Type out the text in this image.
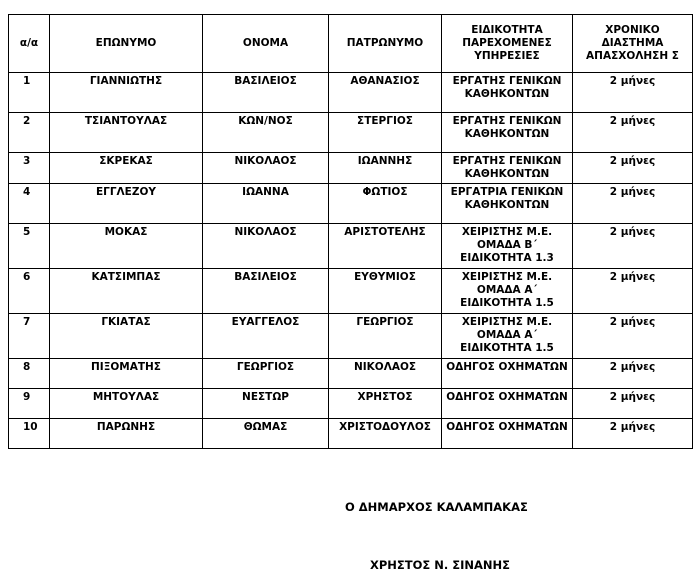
α/α	ΕΠΩΝΥΜΟ	ΟΝΟΜΑ	ΠΑΤΡΩΝΥΜΟ	ΕΙΔΙΚΟΤΗΤΑ ΠΑΡΕΧΟΜΕΝΕΣ ΥΠΗΡΕΣΙΕΣ	ΧΡΟΝΙΚΟ ΔΙΑΣΤΗΜΑ ΑΠΑΣΧΟΛΗΣΗ Σ
1	ΓΙΑΝΝΙΩΤΗΣ	ΒΑΣΙΛΕΙΟΣ	ΑΘΑΝΑΣΙΟΣ	ΕΡΓΑΤΗΣ ΓΕΝΙΚΩΝ ΚΑΘΗΚΟΝΤΩΝ	2 μήνες
2	ΤΣΙΑΝΤΟΥΛΑΣ	ΚΩΝ/ΝΟΣ	ΣΤΕΡΓΙΟΣ	ΕΡΓΑΤΗΣ ΓΕΝΙΚΩΝ ΚΑΘΗΚΟΝΤΩΝ	2 μήνες
3	ΣΚΡΕΚΑΣ	ΝΙΚΟΛΑΟΣ	ΙΩΑΝΝΗΣ	ΕΡΓΑΤΗΣ ΓΕΝΙΚΩΝ ΚΑΘΗΚΟΝΤΩΝ	2 μήνες
4	ΕΓΓΛΕΖΟΥ	ΙΩΑΝΝΑ	ΦΩΤΙΟΣ	ΕΡΓΑΤΡΙΑ ΓΕΝΙΚΩΝ ΚΑΘΗΚΟΝΤΩΝ	2 μήνες
5	ΜΟΚΑΣ	ΝΙΚΟΛΑΟΣ	ΑΡΙΣΤΟΤΕΛΗΣ	ΧΕΙΡΙΣΤΗΣ Μ.Ε. ΟΜΑΔΑ Β΄ ΕΙΔΙΚΟΤΗΤΑ 1.3	2 μήνες
6	ΚΑΤΣΙΜΠΑΣ	ΒΑΣΙΛΕΙΟΣ	ΕΥΘΥΜΙΟΣ	ΧΕΙΡΙΣΤΗΣ Μ.Ε. ΟΜΑΔΑ Α΄ ΕΙΔΙΚΟΤΗΤΑ 1.5	2 μήνες
7	ΓΚΙΑΤΑΣ	ΕΥΑΓΓΕΛΟΣ	ΓΕΩΡΓΙΟΣ	ΧΕΙΡΙΣΤΗΣ Μ.Ε. ΟΜΑΔΑ Α΄ ΕΙΔΙΚΟΤΗΤΑ 1.5	2 μήνες
8	ΠΙΞΟΜΑΤΗΣ	ΓΕΩΡΓΙΟΣ	ΝΙΚΟΛΑΟΣ	ΟΔΗΓΟΣ ΟΧΗΜΑΤΩΝ	2 μήνες
9	ΜΗΤΟΥΛΑΣ	ΝΕΣΤΩΡ	ΧΡΗΣΤΟΣ	ΟΔΗΓΟΣ ΟΧΗΜΑΤΩΝ	2 μήνες
10	ΠΑΡΩΝΗΣ	ΘΩΜΑΣ	ΧΡΙΣΤΟΔΟΥΛΟΣ	ΟΔΗΓΟΣ ΟΧΗΜΑΤΩΝ	2 μήνες
Ο ΔΗΜΑΡΧΟΣ ΚΑΛΑΜΠΑΚΑΣ
ΧΡΗΣΤΟΣ Ν. ΣΙΝΑΝΗΣ
